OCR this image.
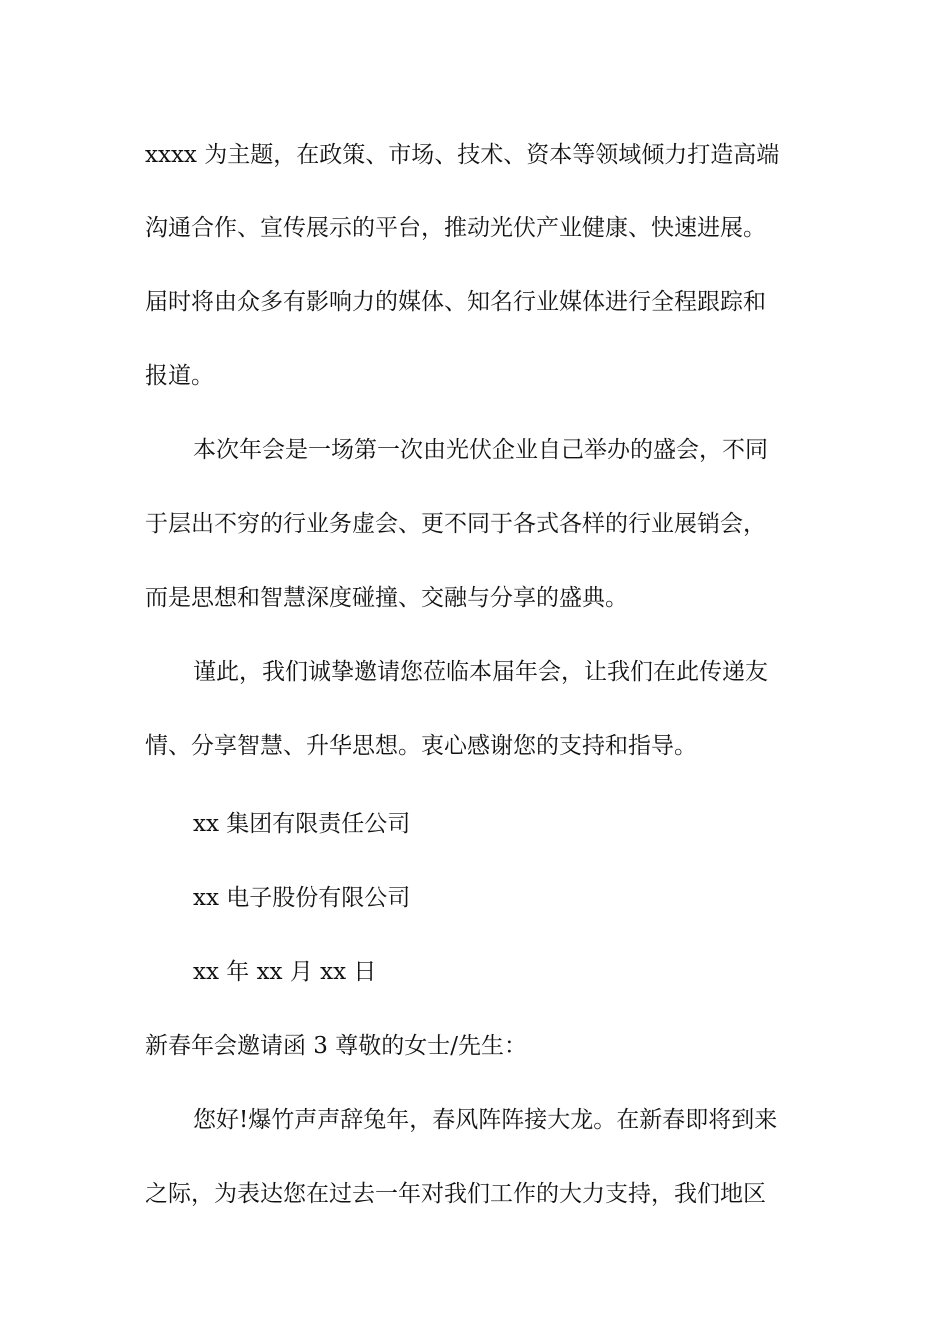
xxxx 为主题，在政策、市场、技术、资本等领域倾力打造高端

沟通合作、宣传展示的平台，推动光伏产业健康、快速进展。

届时将由众多有影响力的媒体、知名行业媒体进行全程跟踪和

报道。

本次年会是一场第一次由光伏企业自己举办的盛会，不同

于层出不穷的行业务虚会、更不同于各式各样的行业展销会，

而是思想和智慧深度碰撞、交融与分享的盛典。

谨此，我们诚挚邀请您莅临本届年会，让我们在此传递友

情、分享智慧、升华思想。衷心感谢您的支持和指导。

xx 集团有限责任公司

xx 电子股份有限公司

xx 年 xx 月 xx 日

新春年会邀请函 3 尊敬的女士/先生：

您好!爆竹声声辞兔年，春风阵阵接大龙。在新春即将到来

之际，为表达您在过去一年对我们工作的大力支持，我们地区
